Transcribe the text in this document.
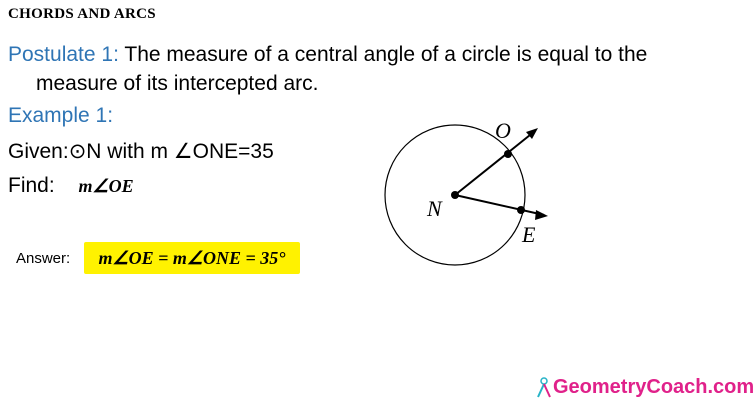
CHORDS AND ARCS
Postulate 1: The measure of a central angle of a circle is equal to the
measure of its intercepted arc.
Example 1:
Given:⊙N with m ∠ONE=35
Find: m∠OE
Answer:	m∠OE = m∠ONE = 35°
O
N
E
GeometryCoach.com
